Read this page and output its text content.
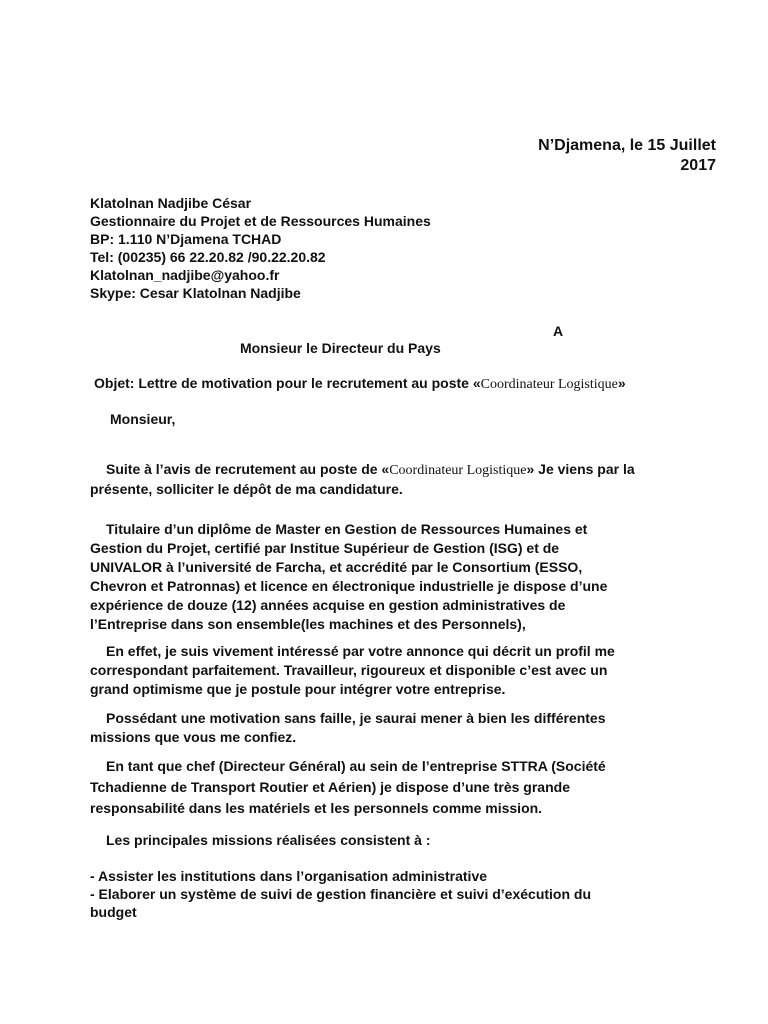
N’Djamena, le 15 Juillet
2017
Klatolnan Nadjibe César
Gestionnaire du Projet et de Ressources Humaines
BP: 1.110 N’Djamena TCHAD
Tel: (00235) 66 22.20.82 /90.22.20.82
Klatolnan_nadjibe@yahoo.fr
Skype: Cesar Klatolnan Nadjibe
A
Monsieur le Directeur du Pays
Objet: Lettre de motivation pour le recrutement au poste «Coordinateur Logistique»
Monsieur,
Suite à l’avis de recrutement au poste de «Coordinateur Logistique» Je viens par la
présente, solliciter le dépôt de ma candidature.
Titulaire d’un diplôme de Master en Gestion de Ressources Humaines et
Gestion du Projet, certifié par Institue Supérieur de Gestion (ISG) et de
UNIVALOR à l’université de Farcha, et accrédité par le Consortium (ESSO,
Chevron et Patronnas) et licence en électronique industrielle je dispose d’une
expérience de douze (12) années acquise en gestion administratives de
l’Entreprise dans son ensemble(les machines et des Personnels),
En effet, je suis vivement intéressé par votre annonce qui décrit un profil me
correspondant parfaitement. Travailleur, rigoureux et disponible c’est avec un
grand optimisme que je postule pour intégrer votre entreprise.
Possédant une motivation sans faille, je saurai mener à bien les différentes
missions que vous me confiez.
En tant que chef (Directeur Général) au sein de l’entreprise STTRA (Société
Tchadienne de Transport Routier et Aérien) je dispose d’une très grande
responsabilité dans les matériels et les personnels comme mission.
Les principales missions réalisées consistent à :
- Assister les institutions dans l’organisation administrative
- Elaborer un système de suivi de gestion financière et suivi d’exécution du
budget
